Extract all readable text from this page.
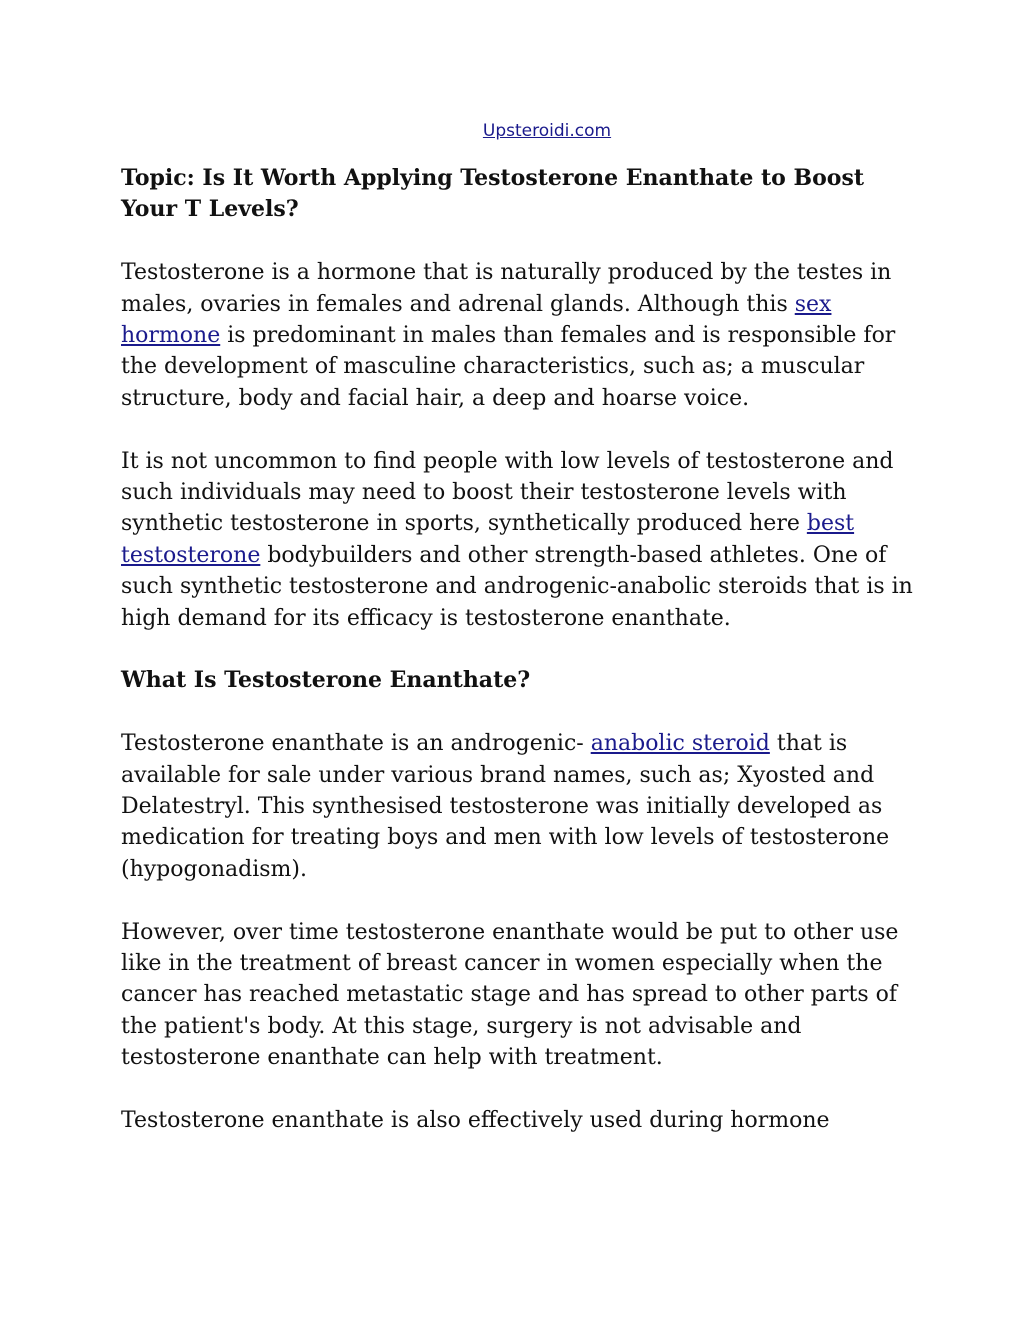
Upsteroidi.com
Topic: Is It Worth Applying Testosterone Enanthate to Boost Your T Levels?

Testosterone is a hormone that is naturally produced by the testes in males, ovaries in females and adrenal glands. Although this sex hormone is predominant in males than females and is responsible for the development of masculine characteristics, such as; a muscular structure, body and facial hair, a deep and hoarse voice.

It is not uncommon to find people with low levels of testosterone and such individuals may need to boost their testosterone levels with synthetic testosterone in sports, synthetically produced here best testosterone bodybuilders and other strength-based athletes. One of such synthetic testosterone and androgenic-anabolic steroids that is in high demand for its efficacy is testosterone enanthate.

What Is Testosterone Enanthate?

Testosterone enanthate is an androgenic- anabolic steroid that is available for sale under various brand names, such as; Xyosted and Delatestryl. This synthesised testosterone was initially developed as medication for treating boys and men with low levels of testosterone (hypogonadism).

However, over time testosterone enanthate would be put to other use like in the treatment of breast cancer in women especially when the cancer has reached metastatic stage and has spread to other parts of the patient's body. At this stage, surgery is not advisable and testosterone enanthate can help with treatment.

Testosterone enanthate is also effectively used during hormone
